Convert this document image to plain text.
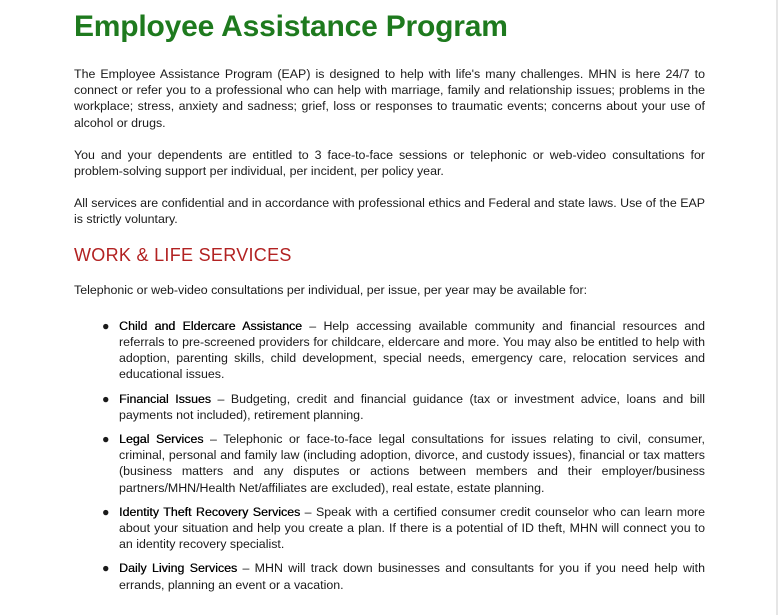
Employee Assistance Program

The Employee Assistance Program (EAP) is designed to help with life's many challenges. MHN is here 24/7 to connect or refer you to a professional who can help with marriage, family and relationship issues; problems in the workplace; stress, anxiety and sadness; grief, loss or responses to traumatic events; concerns about your use of alcohol or drugs.

You and your dependents are entitled to 3 face-to-face sessions or telephonic or web-video consultations for problem-solving support per individual, per incident, per policy year.

All services are confidential and in accordance with professional ethics and Federal and state laws. Use of the EAP is strictly voluntary.

WORK & LIFE SERVICES

Telephonic or web-video consultations per individual, per issue, per year may be available for:

● Child and Eldercare Assistance – Help accessing available community and financial resources and referrals to pre-screened providers for childcare, eldercare and more. You may also be entitled to help with adoption, parenting skills, child development, special needs, emergency care, relocation services and educational issues.
● Financial Issues – Budgeting, credit and financial guidance (tax or investment advice, loans and bill payments not included), retirement planning.
● Legal Services – Telephonic or face-to-face legal consultations for issues relating to civil, consumer, criminal, personal and family law (including adoption, divorce, and custody issues), financial or tax matters (business matters and any disputes or actions between members and their employer/business partners/MHN/Health Net/affiliates are excluded), real estate, estate planning.
● Identity Theft Recovery Services – Speak with a certified consumer credit counselor who can learn more about your situation and help you create a plan. If there is a potential of ID theft, MHN will connect you to an identity recovery specialist.
● Daily Living Services – MHN will track down businesses and consultants for you if you need help with errands, planning an event or a vacation.
